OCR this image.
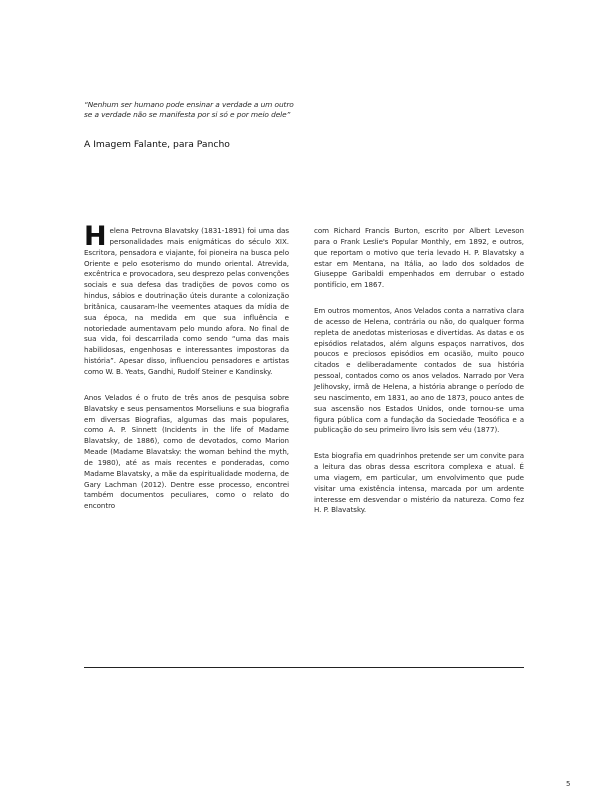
“Nenhum ser humano pode ensinar a verdade a um outro se a verdade não se manifesta por si só e por meio dele”
A Imagem Falante, para Pancho

Helena Petrovna Blavatsky (1831-1891) foi uma das personalidades mais enigmáticas do século XIX. Escritora, pensadora e viajante, foi pioneira na busca pelo Oriente e pelo esoterismo do mundo oriental. Atrevida, excêntrica e provocadora, seu desprezo pelas convenções sociais e sua defesa das tradições de povos como os hindus, sábios e doutrinação úteis durante a colonização britânica, causaram-lhe veementes ataques da mídia de sua época, na medida em que sua influência e notoriedade aumentavam pelo mundo afora. No final de sua vida, foi descarrilada como sendo “uma das mais habilidosas, engenhosas e interessantes impostoras da história”. Apesar disso, influenciou pensadores e artistas como W. B. Yeats, Gandhi, Rudolf Steiner e Kandinsky.

Anos Velados é o fruto de três anos de pesquisa sobre Blavatsky e seus pensamentos Morseliuns e sua biografia em diversas Biografias, algumas das mais populares, como A. P. Sinnett (Incidents in the life of Madame Blavatsky, de 1886), como de devotados, como Marion Meade (Madame Blavatsky: the woman behind the myth, de 1980), até as mais recentes e ponderadas, como Madame Blavatsky, a mãe da espiritualidade moderna, de Gary Lachman (2012). Dentre esse processo, encontrei também documentos peculiares, como o relato do encontro

com Richard Francis Burton, escrito por Albert Leveson para o Frank Leslie's Popular Monthly, em 1892, e outros, que reportam o motivo que teria levado H. P. Blavatsky a estar em Mentana, na Itália, ao lado dos soldados de Giuseppe Garibaldi empenhados em derrubar o estado pontifício, em 1867.

Em outros momentos, Anos Velados conta a narrativa clara de acesso de Helena, contrária ou não, do qualquer forma repleta de anedotas misteriosas e divertidas. As datas e os episódios relatados, além alguns espaços narrativos, dos poucos e preciosos episódios em ocasião, muito pouco citados e deliberadamente contados de sua história pessoal, contados como os anos velados. Narrado por Vera Jelihovsky, irmã de Helena, a história abrange o período de seu nascimento, em 1831, ao ano de 1873, pouco antes de sua ascensão nos Estados Unidos, onde tornou-se uma figura pública com a fundação da Sociedade Teosófica e a publicação do seu primeiro livro Ísis sem véu (1877).

Esta biografia em quadrinhos pretende ser um convite para a leitura das obras dessa escritora complexa e atual. É uma viagem, em particular, um envolvimento que pude visitar uma existência intensa, marcada por um ardente interesse em desvendar o mistério da natureza. Como fez H. P. Blavatsky.

5
